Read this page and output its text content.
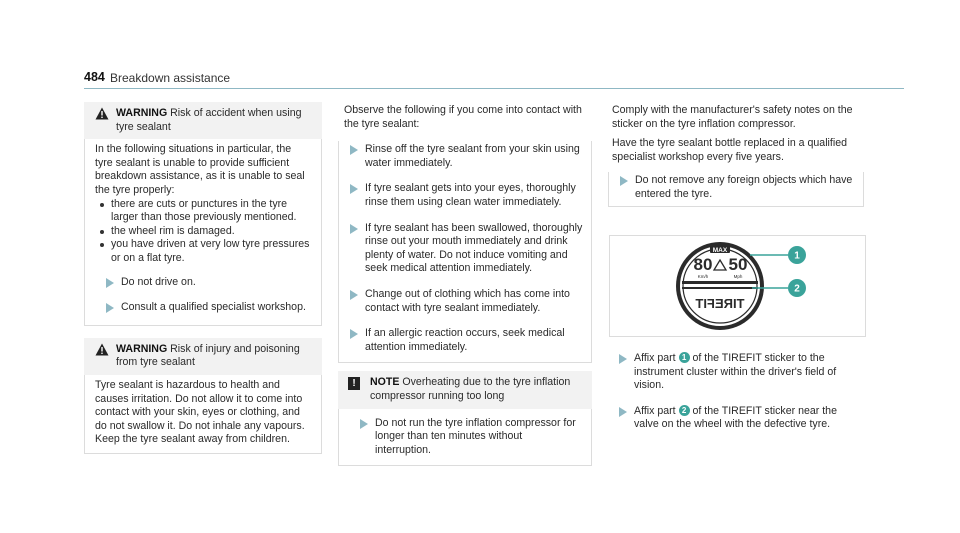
484 Breakdown assistance
WARNING Risk of accident when using tyre sealant
In the following situations in particular, the tyre sealant is unable to provide sufficient breakdown assistance, as it is unable to seal the tyre properly:
there are cuts or punctures in the tyre larger than those previously mentioned.
the wheel rim is damaged.
you have driven at very low tyre pressures or on a flat tyre.
Do not drive on.
Consult a qualified specialist workshop.
WARNING Risk of injury and poisoning from tyre sealant
Tyre sealant is hazardous to health and causes irritation. Do not allow it to come into contact with your skin, eyes or clothing, and do not swallow it. Do not inhale any vapours. Keep the tyre sealant away from children.
Observe the following if you come into contact with the tyre sealant:
Rinse off the tyre sealant from your skin using water immediately.
If tyre sealant gets into your eyes, thoroughly rinse them using clean water immediately.
If tyre sealant has been swallowed, thoroughly rinse out your mouth immediately and drink plenty of water. Do not induce vomiting and seek medical attention immediately.
Change out of clothing which has come into contact with tyre sealant immediately.
If an allergic reaction occurs, seek medical attention immediately.
!	NOTE Overheating due to the tyre inflation compressor running too long
Do not run the tyre inflation compressor for longer than ten minutes without interruption.
Comply with the manufacturer's safety notes on the sticker on the tyre inflation compressor.
Have the tyre sealant bottle replaced in a qualified specialist workshop every five years.
Do not remove any foreign objects which have entered the tyre.
MAX
80 50
Km/h	Mph
TIREFIT
1
2
Affix part 1 of the TIREFIT sticker to the instrument cluster within the driver's field of vision.
Affix part 2 of the TIREFIT sticker near the valve on the wheel with the defective tyre.
